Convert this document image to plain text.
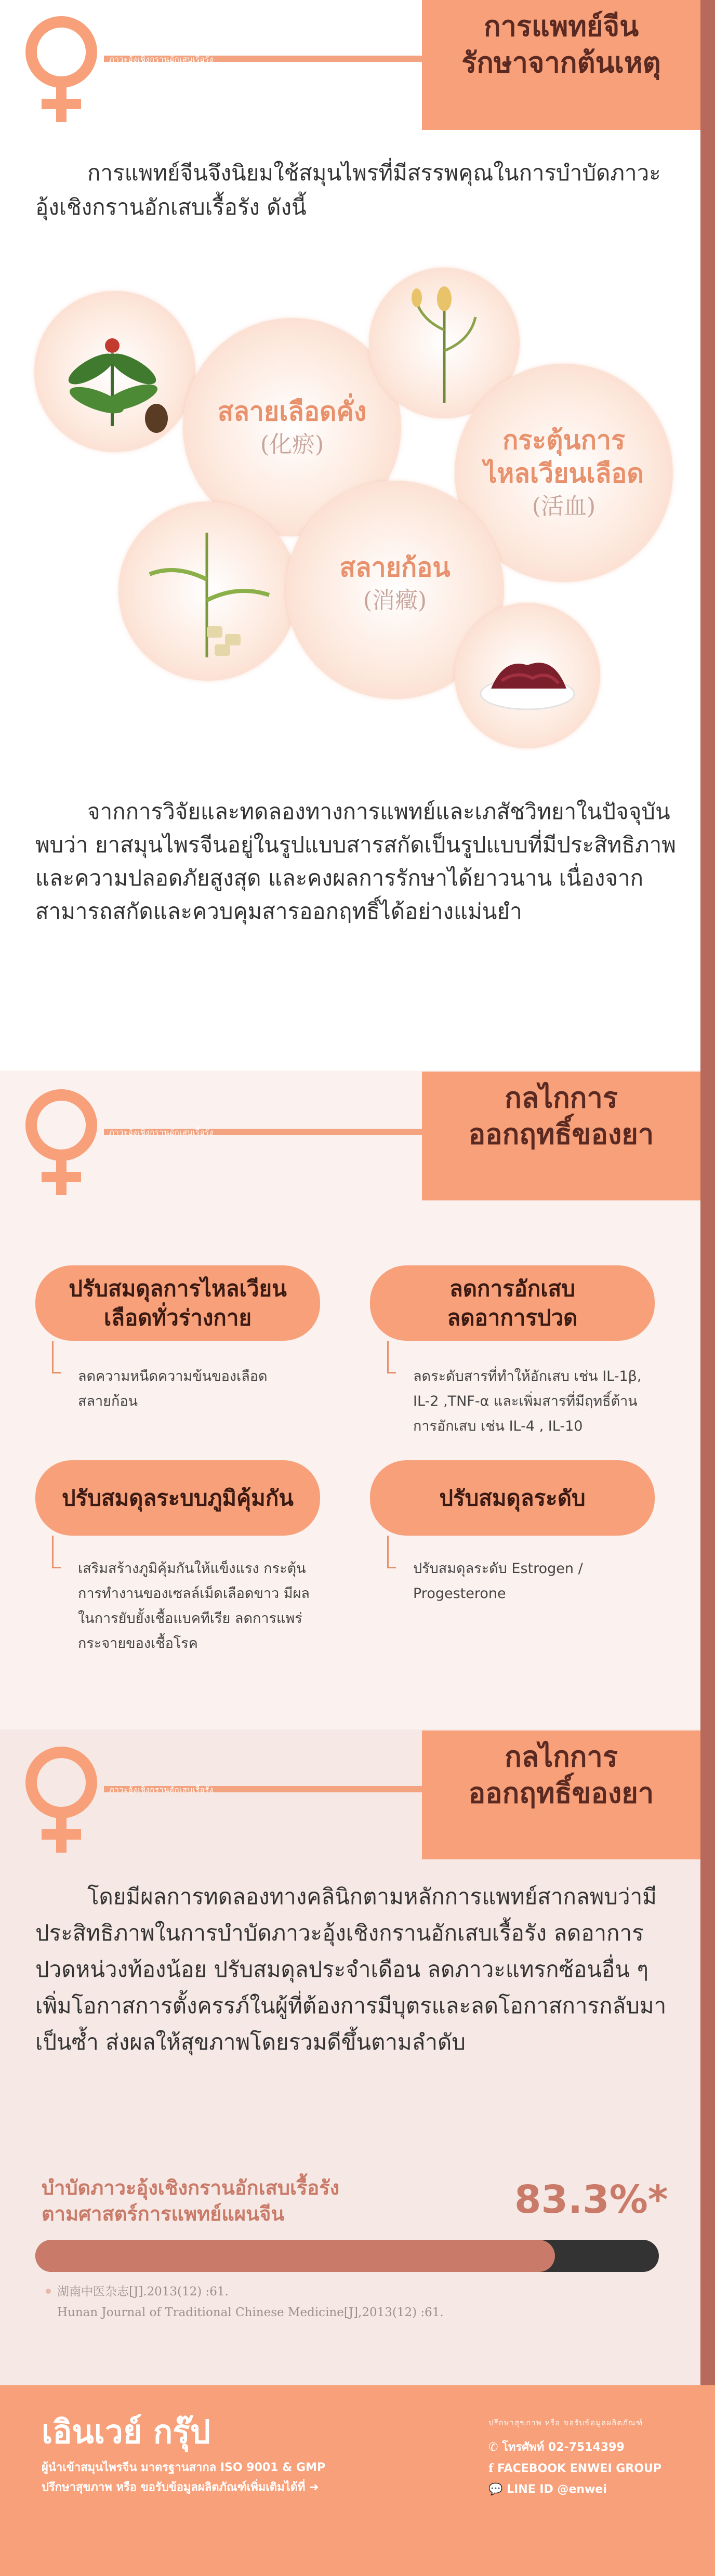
ภาวะอุ้งเชิงกรานอักเสบเรื้อรัง
การแพทย์จีน
รักษาจากต้นเหตุ
การแพทย์จีนจึงนิยมใช้สมุนไพรที่มีสรรพคุณในการบำบัดภาวะอุ้งเชิงกรานอักเสบเรื้อรัง ดังนี้
สลายเลือดคั่ง
(化瘀)	กระตุ้นการ
ไหลเวียนเลือด
(活血)
สลายก้อน
(消癥)
จากการวิจัยและทดลองทางการแพทย์และเภสัชวิทยาในปัจจุบันพบว่า ยาสมุนไพรจีนอยู่ในรูปแบบสารสกัดเป็นรูปแบบที่มีประสิทธิภาพและความปลอดภัยสูงสุด และคงผลการรักษาได้ยาวนาน เนื่องจากสามารถสกัดและควบคุมสารออกฤทธิ์ได้อย่างแม่นยำ
ภาวะอุ้งเชิงกรานอักเสบเรื้อรัง
กลไกการ
ออกฤทธิ์ของยา
ปรับสมดุลการไหลเวียน
เลือดทั่วร่างกาย
ลดความหนืดความข้นของเลือด
สลายก้อน
ลดการอักเสบ
ลดอาการปวด
ลดระดับสารที่ทำให้อักเสบ เช่น IL-1β,
IL-2 ,TNF-α และเพิ่มสารที่มีฤทธิ์ต้าน
การอักเสบ เช่น IL-4 , IL-10
ปรับสมดุลระบบภูมิคุ้มกัน
เสริมสร้างภูมิคุ้มกันให้แข็งแรง กระตุ้น
การทำงานของเซลล์เม็ดเลือดขาว มีผล
ในการยับยั้งเชื้อแบคทีเรีย ลดการแพร่
กระจายของเชื้อโรค
ปรับสมดุลระดับ
ปรับสมดุลระดับ Estrogen / Progesterone
ภาวะอุ้งเชิงกรานอักเสบเรื้อรัง
กลไกการ
ออกฤทธิ์ของยา
โดยมีผลการทดลองทางคลินิกตามหลักการแพทย์สากลพบว่ามีประสิทธิภาพในการบำบัดภาวะอุ้งเชิงกรานอักเสบเรื้อรัง ลดอาการปวดหน่วงท้องน้อย ปรับสมดุลประจำเดือน ลดภาวะแทรกซ้อนอื่น ๆ เพิ่มโอกาสการตั้งครรภ์ในผู้ที่ต้องการมีบุตรและลดโอกาสการกลับมาเป็นซ้ำ ส่งผลให้สุขภาพโดยรวมดีขึ้นตามลำดับ
บำบัดภาวะอุ้งเชิงกรานอักเสบเรื้อรัง
ตามศาสตร์การแพทย์แผนจีน	83.3%*
湖南中医杂志[J].2013(12) :61.
Hunan Journal of Traditional Chinese Medicine[J],2013(12) :61.
เอินเวย์ กรุ๊ป
ผู้นำเข้าสมุนไพรจีน มาตรฐานสากล ISO 9001 & GMP
ปรึกษาสุขภาพ หรือ ขอรับข้อมูลผลิตภัณฑ์เพิ่มเติมได้ที่ ➜
ปรึกษาสุขภาพ หรือ ขอรับข้อมูลผลิตภัณฑ์
✆ โทรศัพท์ 02-7514399
f FACEBOOK ENWEI GROUP
💬 LINE ID @enwei
